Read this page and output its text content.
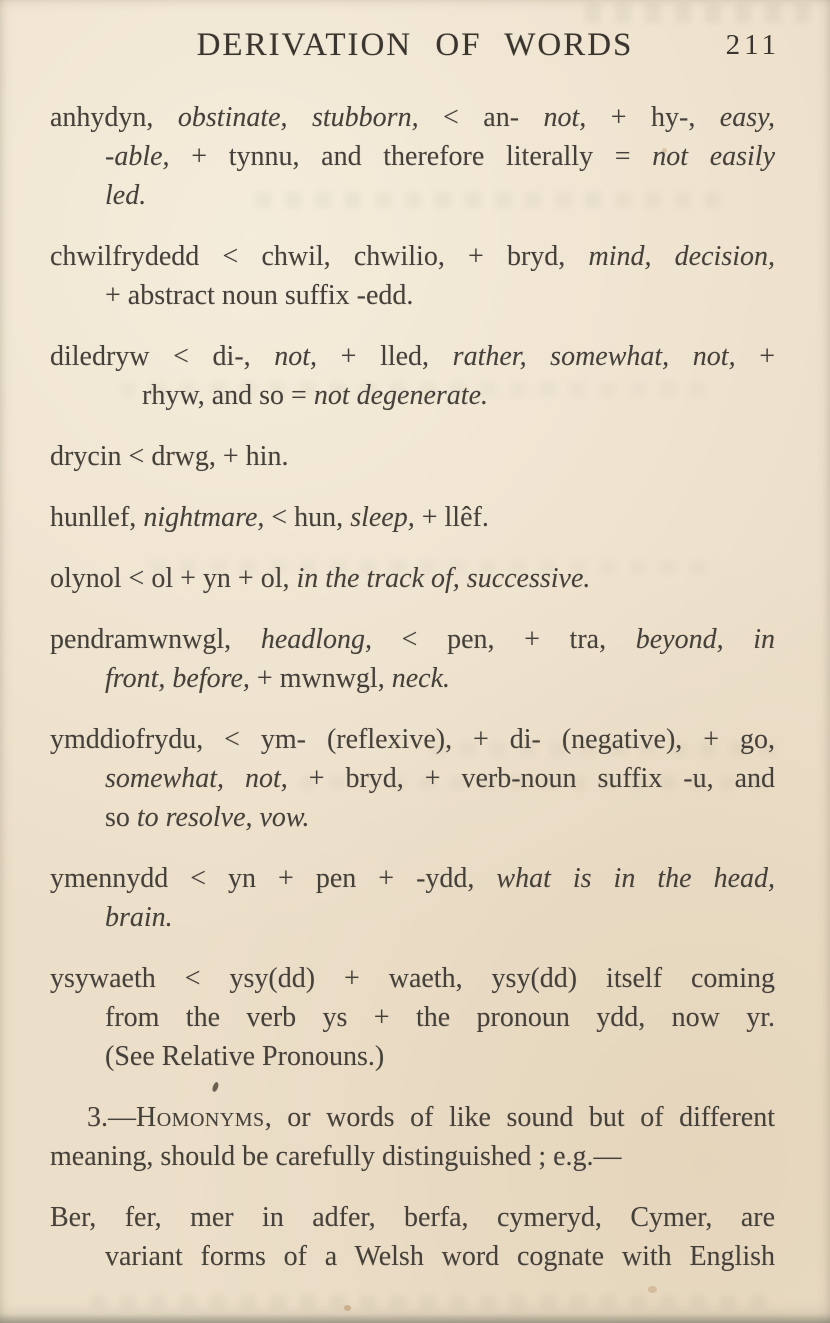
DERIVATION OF WORDS	211
anhydyn, obstinate, stubborn, < an- not, + hy-, easy,
-able, + tynnu, and therefore literally = not easily
led.
chwilfrydedd < chwil, chwilio, + bryd, mind, decision,
+ abstract noun suffix -edd.
diledryw < di-, not, + lled, rather, somewhat, not, +
rhyw, and so = not degenerate.
drycin < drwg, + hin.
hunllef, nightmare, < hun, sleep, + llêf.
olynol < ol + yn + ol, in the track of, successive.
pendramwnwgl, headlong, < pen, + tra, beyond, in
front, before, + mwnwgl, neck.
ymddiofrydu, < ym- (reflexive), + di- (negative), + go,
somewhat, not, + bryd, + verb-noun suffix -u, and
so to resolve, vow.
ymennydd < yn + pen + -ydd, what is in the head,
brain.
ysywaeth < ysy(dd) + waeth, ysy(dd) itself coming
from the verb ys + the pronoun ydd, now yr.
(See Relative Pronouns.)
3.—Homonyms, or words of like sound but of different
meaning, should be carefully distinguished ; e.g.—
Ber, fer, mer in adfer, berfa, cymeryd, Cymer, are
variant forms of a Welsh word cognate with English
